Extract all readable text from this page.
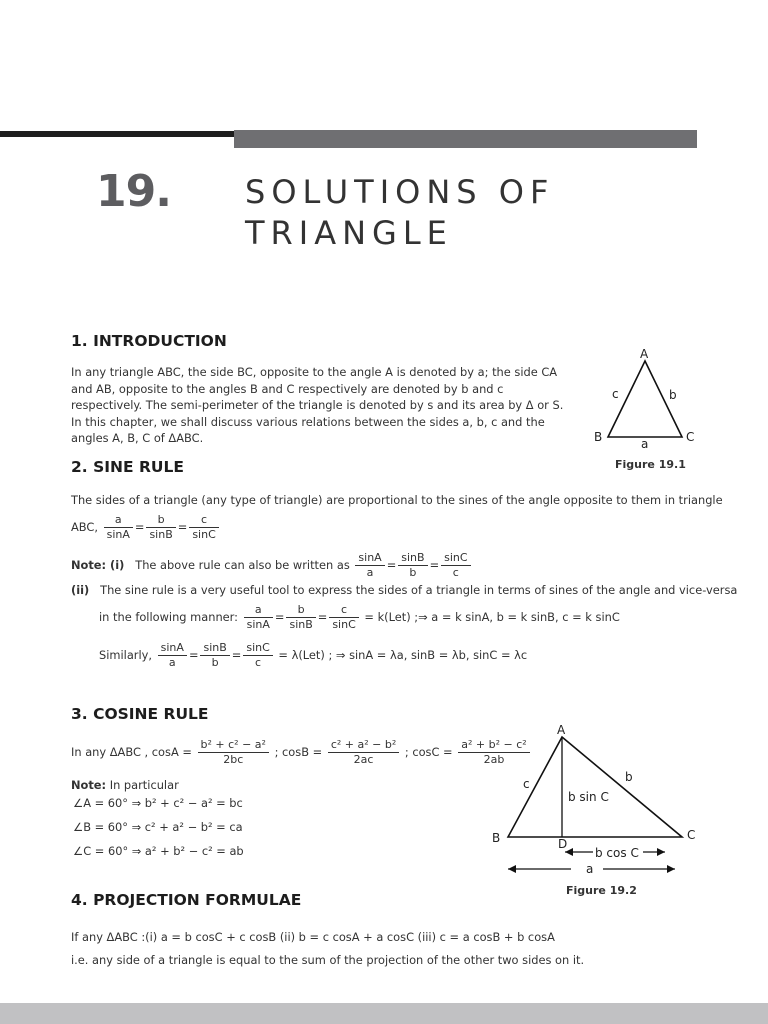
19. SOLUTIONS OF
TRIANGLE
1. INTRODUCTION
In any triangle ABC, the side BC, opposite to the angle A is denoted by a; the side CA and AB, opposite to the angles B and C respectively are denoted by b and c respectively. The semi-perimeter of the triangle is denoted by s and its area by Δ or S. In this chapter, we shall discuss various relations between the sides a, b, c and the angles A, B, C of ΔABC.
A
B	C
a
b
c
Figure 19.1
2. SINE RULE
The sides of a triangle (any type of triangle) are proportional to the sines of the angle opposite to them in triangle
ABC, $\frac{a}{\sin A} = \frac{b}{\sin B} = \frac{c}{\sin C}$
Note: (i) The above rule can also be written as $\frac{\sin A}{a} = \frac{\sin B}{b} = \frac{\sin C}{c}$
(ii) The sine rule is a very useful tool to express the sides of a triangle in terms of sines of the angle and vice-versa
in the following manner: $\frac{a}{\sin A} = \frac{b}{\sin B} = \frac{c}{\sin C} = k(Let)$ ;⇒ a = k sinA, b = k sinB, c = k sinC
Similarly, $\frac{\sin A}{a} = \frac{\sin B}{b} = \frac{\sin C}{c} = \lambda(Let)$ ; ⇒ sinA = λa, sinB = λb, sinC = λc
3. COSINE RULE
In any ΔABC , $\cos A = \frac{\text{b² + c² − a²}}{2bc}$ ; $\cos B = \frac{\text{c² + a² − b²}}{2ac}$ ; $\cos C = \frac{\text{a² + b² − c²}}{2ab}$
Note: In particular
∠A = 60° ⇒ b² + c² − a² = bc
∠B = 60° ⇒ c² + a² − b² = ca
∠C = 60° ⇒ a² + b² − c² = ab
A
B	C
D
c	b
b sin C
b cos C
a
Figure 19.2
4. PROJECTION FORMULAE
If any ΔABC :(i) a = b cosC + c cosB (ii) b = c cosA + a cosC (iii) c = a cosB + b cosA
i.e. any side of a triangle is equal to the sum of the projection of the other two sides on it.
